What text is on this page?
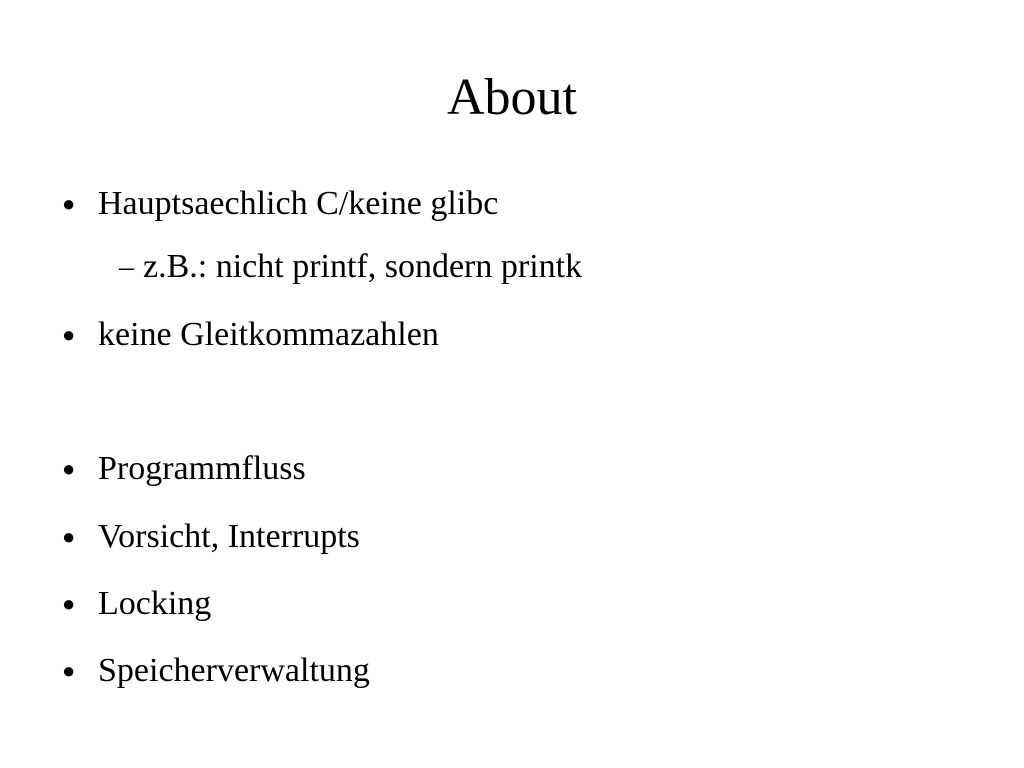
About
● Hauptsaechlich C/keine glibc
– z.B.: nicht printf, sondern printk
● keine Gleitkommazahlen
● Programmfluss
● Vorsicht, Interrupts
● Locking
● Speicherverwaltung
